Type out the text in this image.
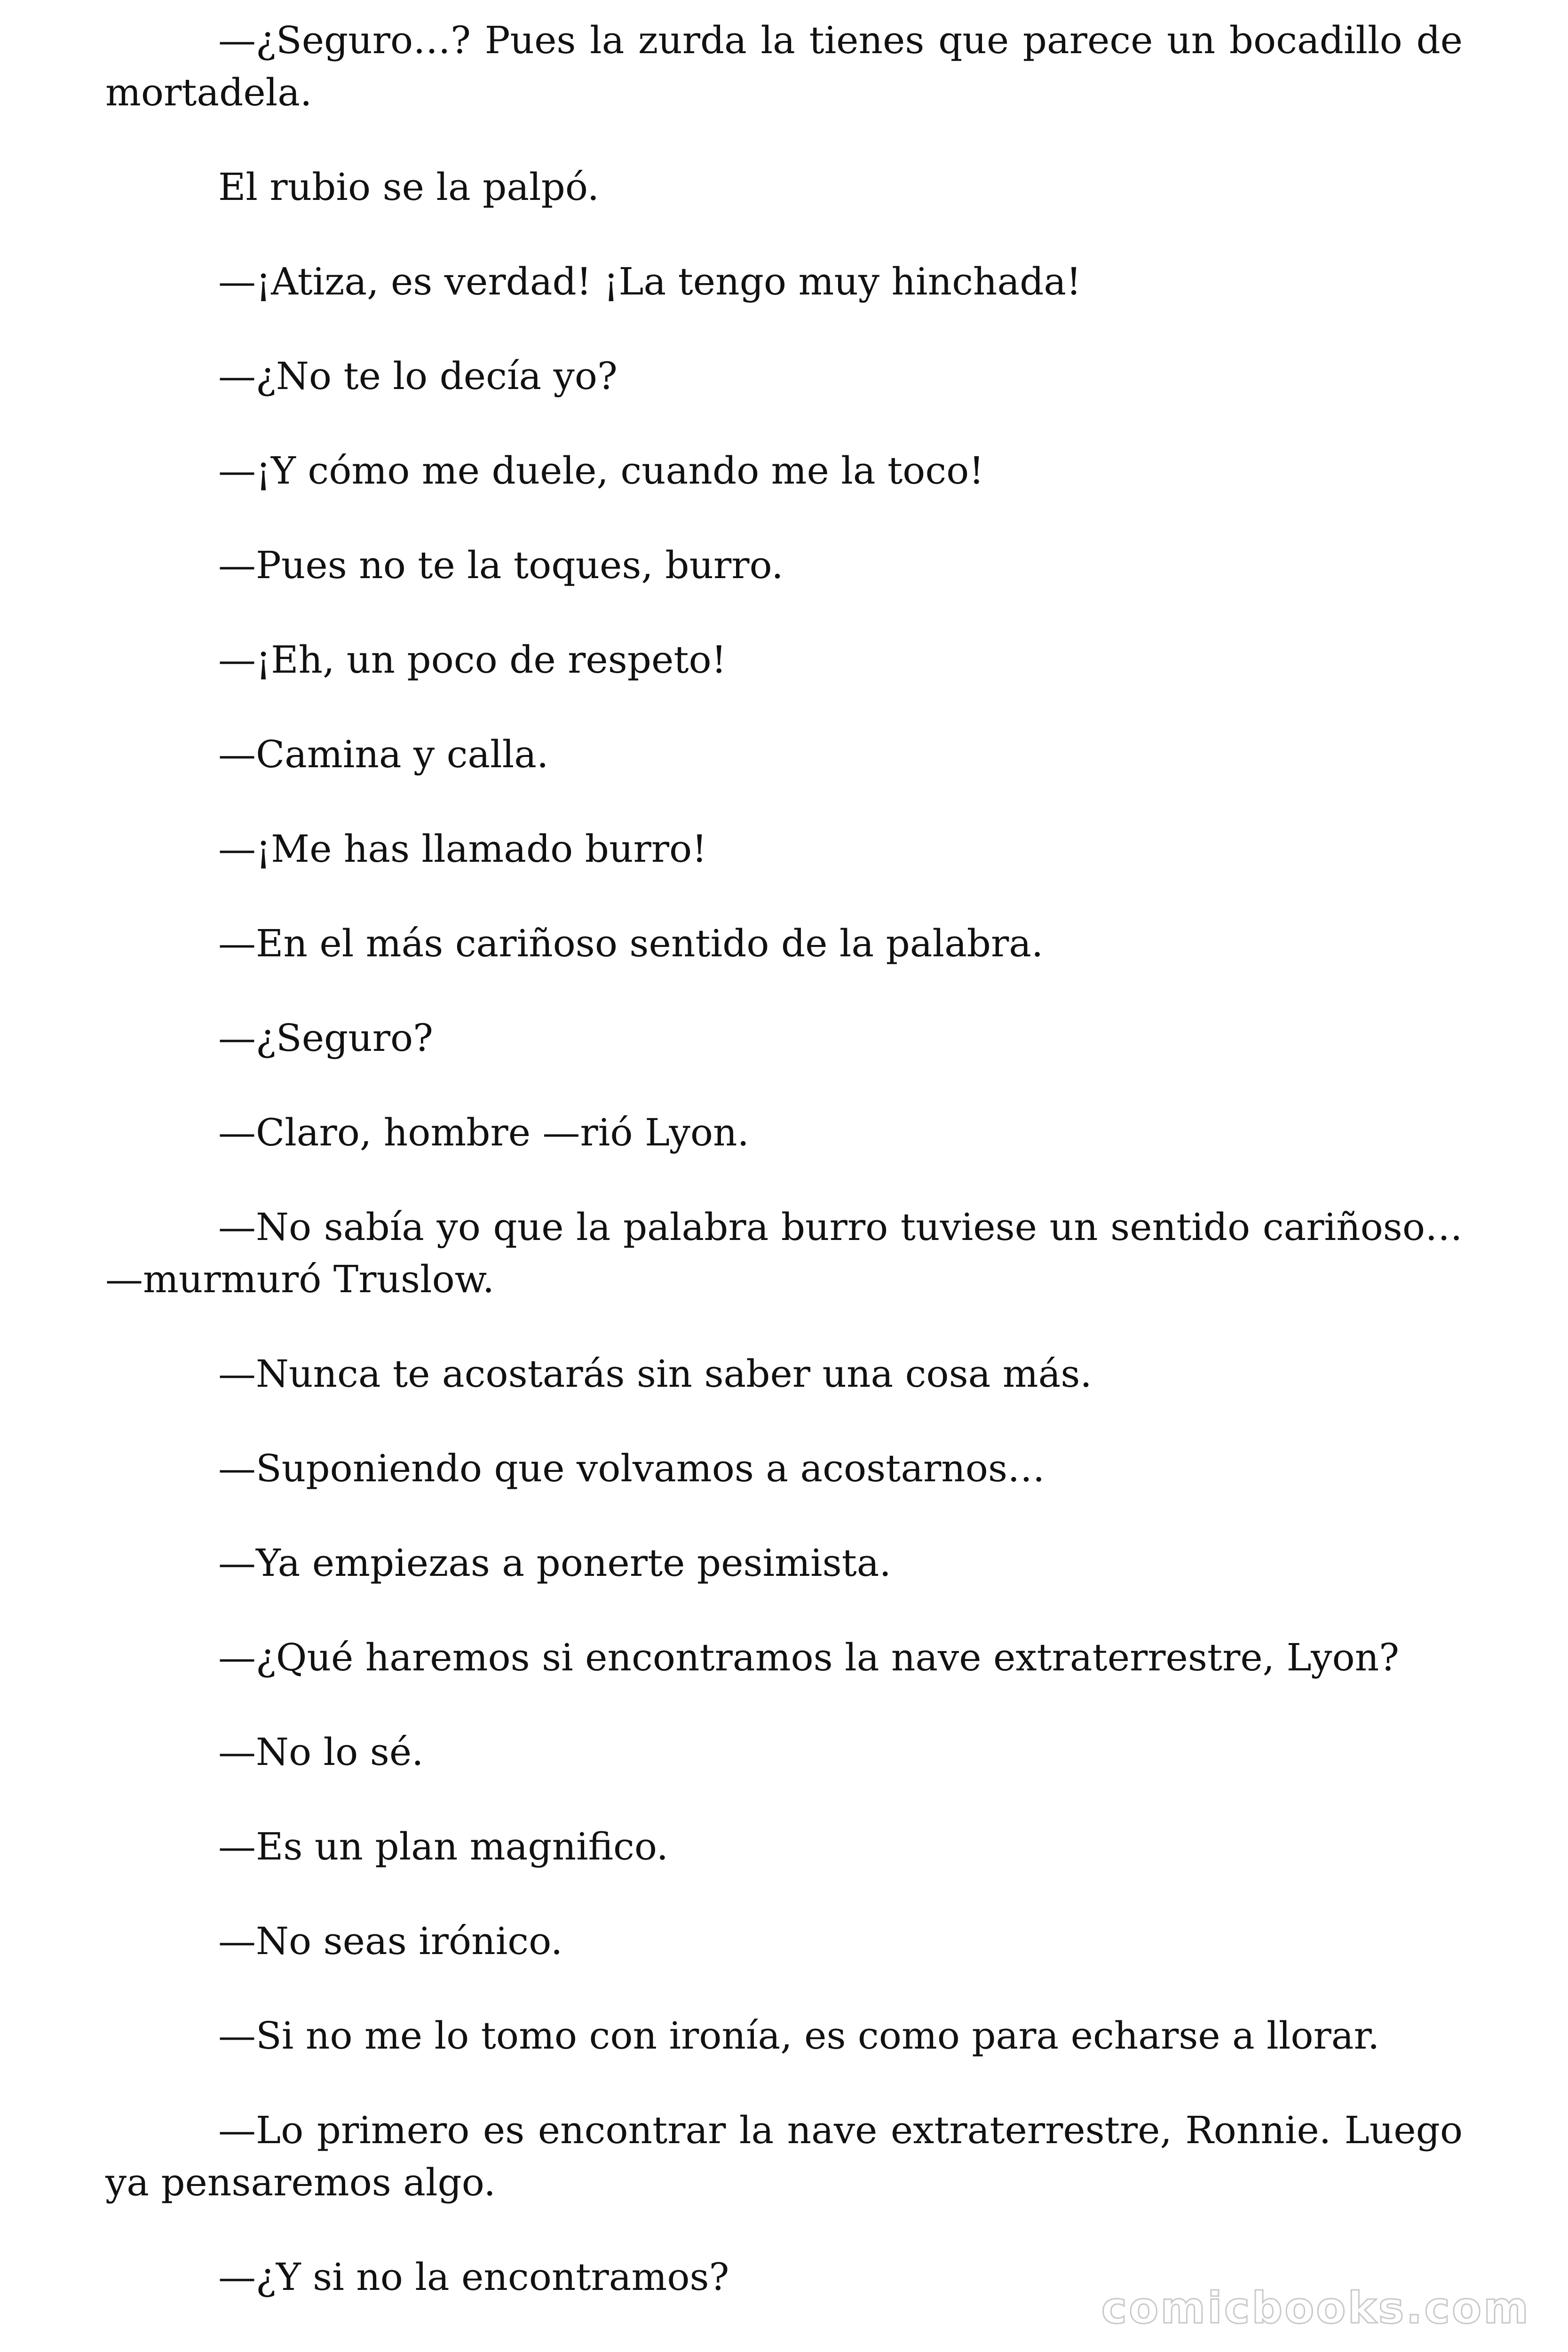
—¿Seguro…? Pues la zurda la tienes que parece un bocadillo de mortadela.

El rubio se la palpó.

—¡Atiza, es verdad! ¡La tengo muy hinchada!

—¿No te lo decía yo?

—¡Y cómo me duele, cuando me la toco!

—Pues no te la toques, burro.

—¡Eh, un poco de respeto!

—Camina y calla.

—¡Me has llamado burro!

—En el más cariñoso sentido de la palabra.

—¿Seguro?

—Claro, hombre —rió Lyon.

—No sabía yo que la palabra burro tuviese un sentido cariñoso… —murmuró Truslow.

—Nunca te acostarás sin saber una cosa más.

—Suponiendo que volvamos a acostarnos…

—Ya empiezas a ponerte pesimista.

—¿Qué haremos si encontramos la nave extraterrestre, Lyon?

—No lo sé.

—Es un plan magnifico.

—No seas irónico.

—Si no me lo tomo con ironía, es como para echarse a llorar.

—Lo primero es encontrar la nave extraterrestre, Ronnie. Luego ya pensaremos algo.

—¿Y si no la encontramos?

comicbooks.com
